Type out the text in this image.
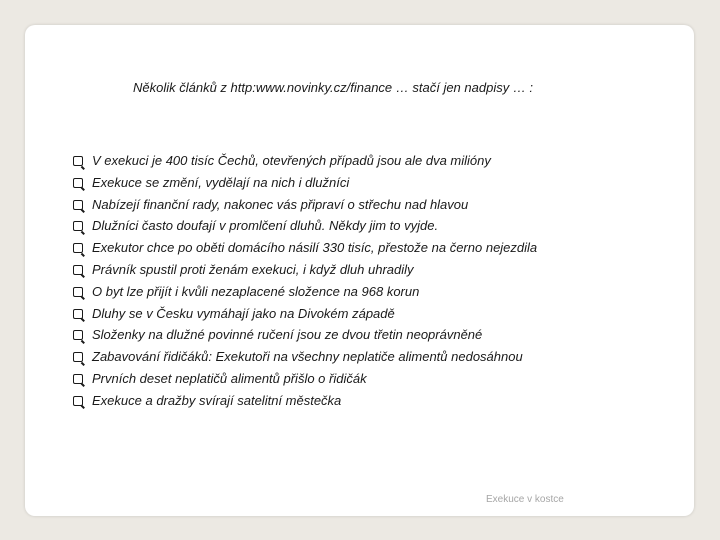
Několik článků z http:www.novinky.cz/finance … stačí jen nadpisy … :
V exekuci je 400 tisíc Čechů, otevřených případů jsou ale dva milióny
Exekuce se změní, vydělají na nich i dlužníci
Nabízejí finanční rady, nakonec vás připraví o střechu nad hlavou
Dlužníci často doufají v promlčení dluhů. Někdy jim to vyjde.
Exekutor chce po oběti domácího násilí 330 tisíc, přestože na černo nejezdila
Právník spustil proti ženám exekuci, i když dluh uhradily
O byt lze přijít i kvůli nezaplacené složence na 968 korun
Dluhy se v Česku vymáhají jako na Divokém západě
Složenky na dlužné povinné ručení jsou ze dvou třetin neoprávněné
Zabavování řidičáků: Exekutoři na všechny neplatiče alimentů nedosáhnou
Prvních deset neplatičů alimentů přišlo o řidičák
Exekuce a dražby svírají satelitní městečka
Exekuce v kostce
